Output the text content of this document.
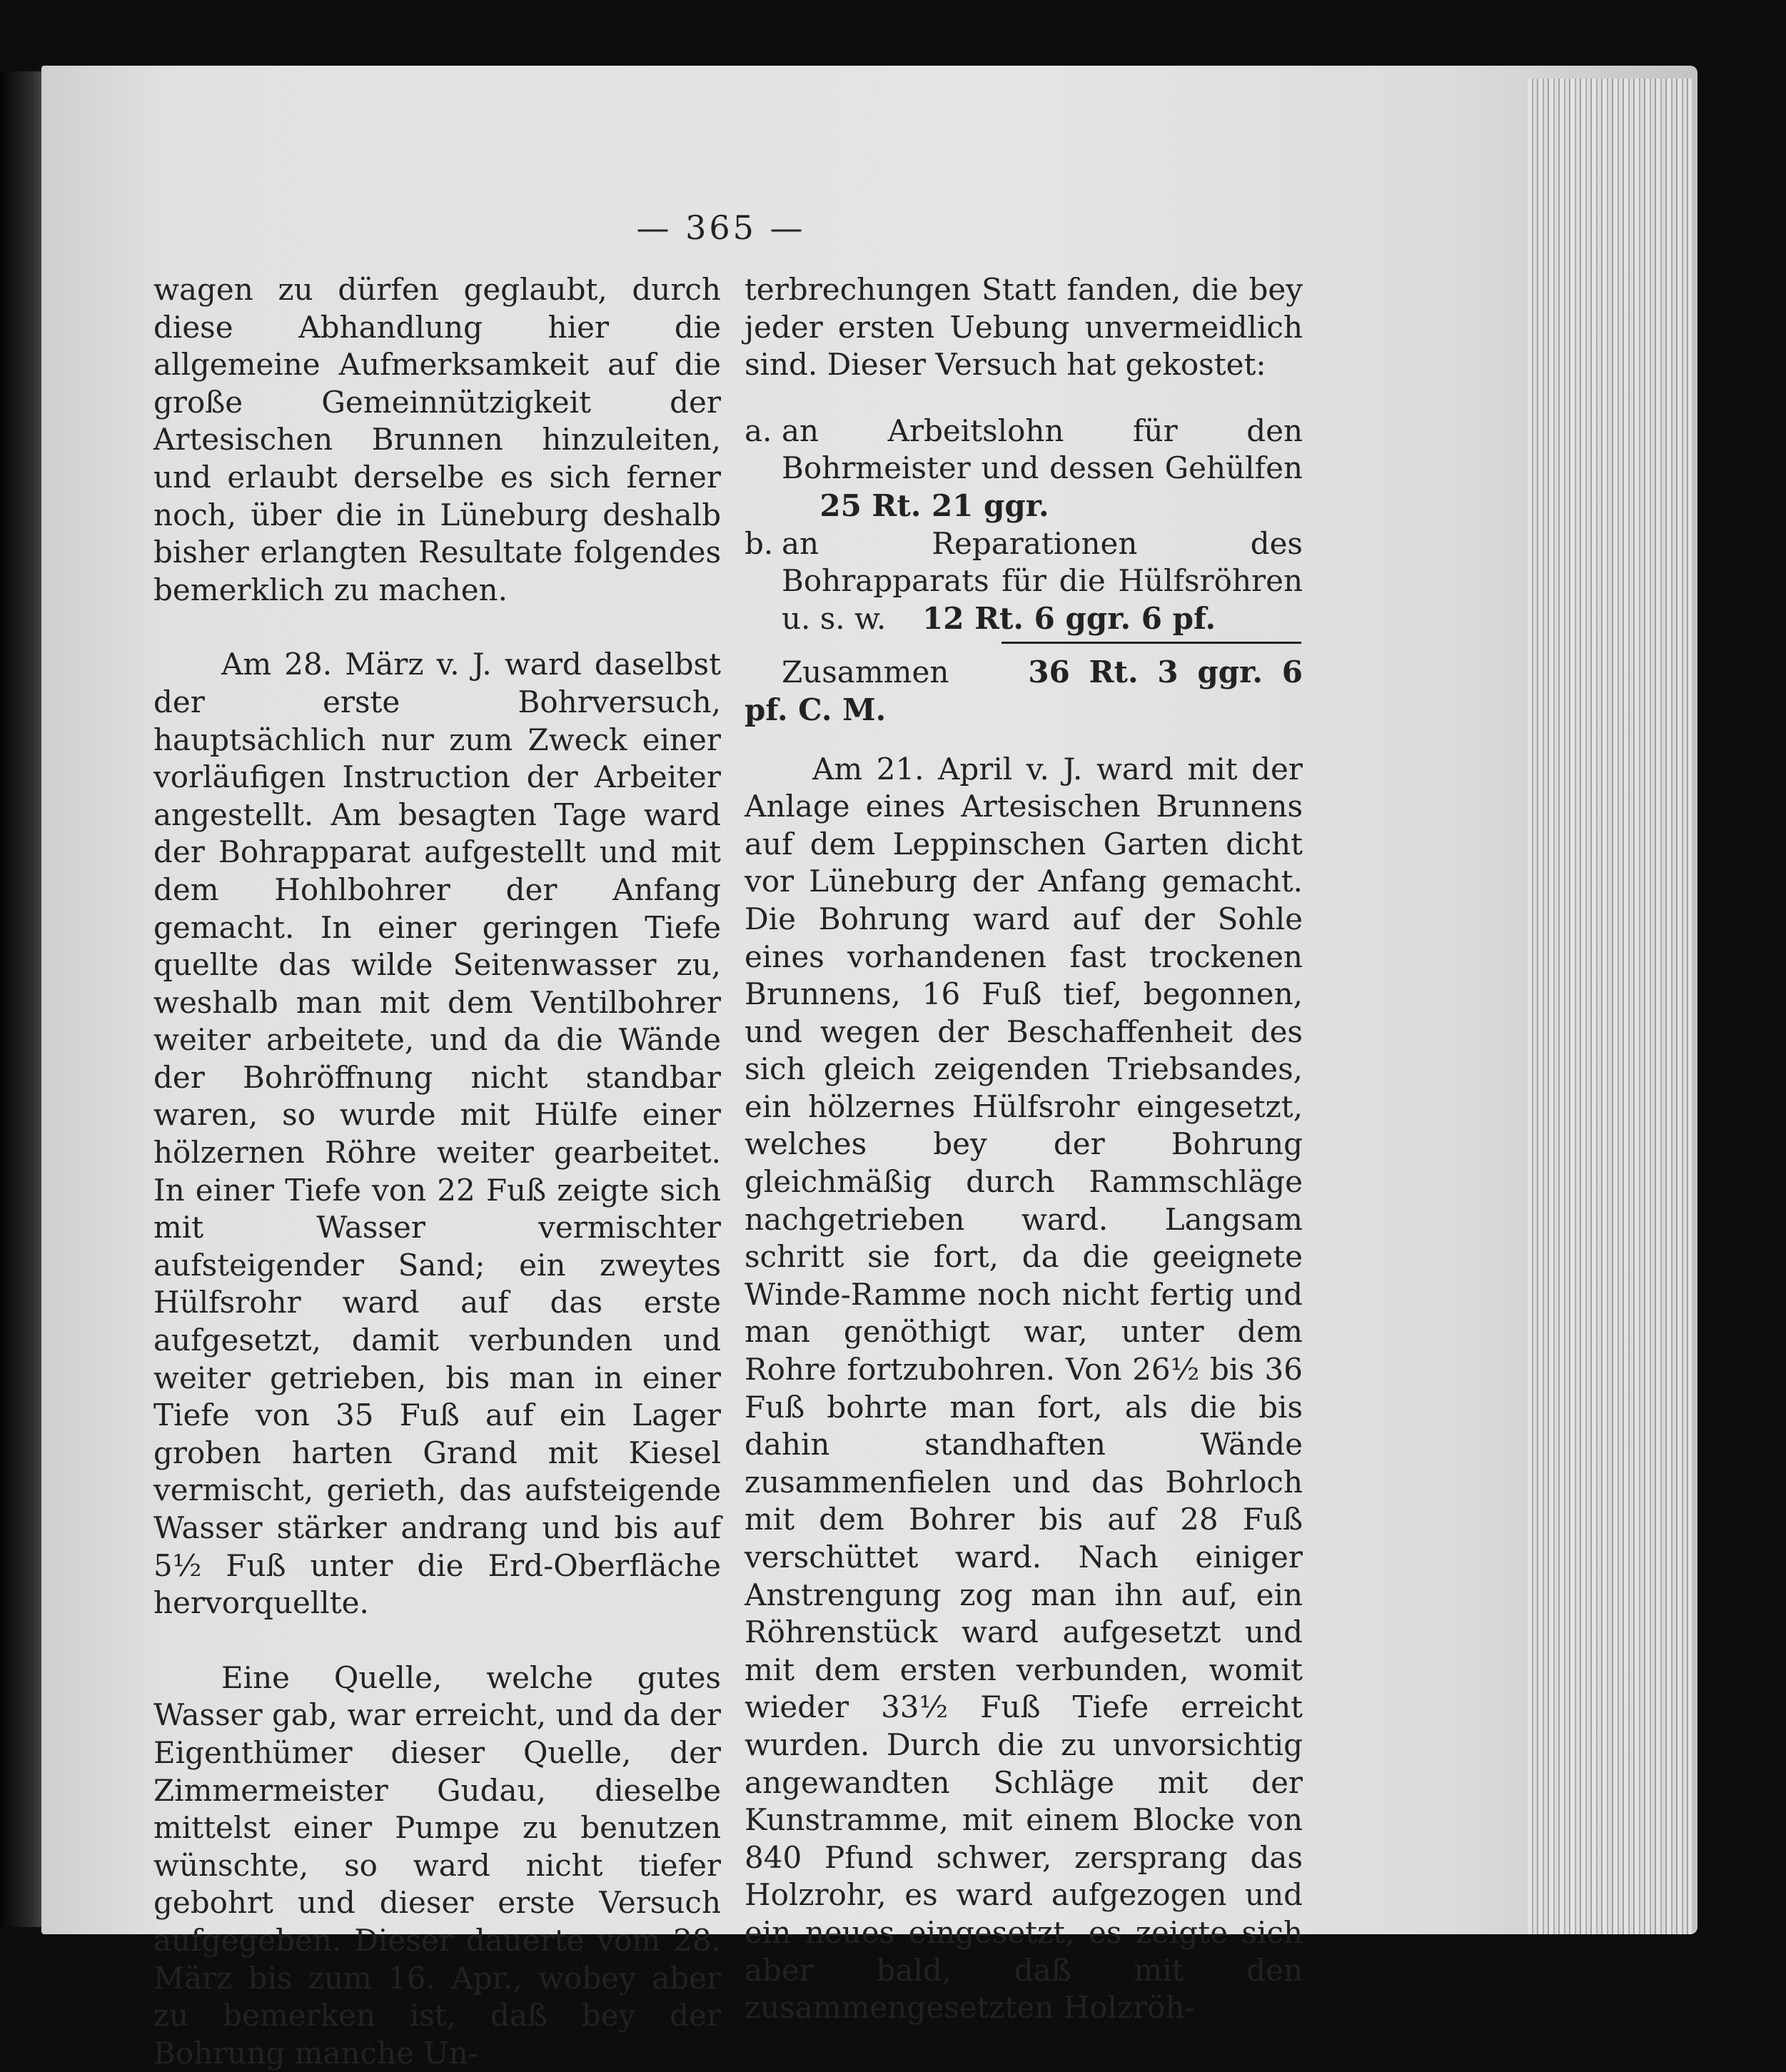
— 365 —

wagen zu dürfen geglaubt, durch diese Abhandlung hier die allgemeine Aufmerksamkeit auf die große Gemeinnützigkeit der Artesischen Brunnen hinzuleiten, und erlaubt derselbe es sich ferner noch, über die in Lüneburg deshalb bisher erlangten Resultate folgendes bemerklich zu machen.

Am 28. März v. J. ward daselbst der erste Bohrversuch, hauptsächlich nur zum Zweck einer vorläufigen Instruction der Arbeiter angestellt. Am besagten Tage ward der Bohrapparat aufgestellt und mit dem Hohlbohrer der Anfang gemacht. In einer geringen Tiefe quellte das wilde Seitenwasser zu, weshalb man mit dem Ventilbohrer weiter arbeitete, und da die Wände der Bohröffnung nicht standbar waren, so wurde mit Hülfe einer hölzernen Röhre weiter gearbeitet. In einer Tiefe von 22 Fuß zeigte sich mit Wasser vermischter aufsteigender Sand; ein zweytes Hülfsrohr ward auf das erste aufgesetzt, damit verbunden und weiter getrieben, bis man in einer Tiefe von 35 Fuß auf ein Lager groben harten Grand mit Kiesel vermischt, gerieth, das aufsteigende Wasser stärker andrang und bis auf 5½ Fuß unter die Erd-Oberfläche hervorquellte.

Eine Quelle, welche gutes Wasser gab, war erreicht, und da der Eigenthümer dieser Quelle, der Zimmermeister Gudau, dieselbe mittelst einer Pumpe zu benutzen wünschte, so ward nicht tiefer gebohrt und dieser erste Versuch aufgegeben. Dieser dauerte vom 28. März bis zum 16. Apr., wobey aber zu bemerken ist, daß bey der Bohrung manche Un-

terbrechungen Statt fanden, die bey jeder ersten Uebung unvermeidlich sind. Dieser Versuch hat gekostet:

a. an Arbeitslohn für den Bohrmeister und dessen Gehülfen  25 Rt. 21 ggr.
b. an Reparationen des Bohrapparats für die Hülfsröhren u. s. w. 12 Rt. 6 ggr. 6 pf.

Zusammen	36 Rt. 3 ggr. 6 pf. C. M.

Am 21. April v. J. ward mit der Anlage eines Artesischen Brunnens auf dem Leppinschen Garten dicht vor Lüneburg der Anfang gemacht. Die Bohrung ward auf der Sohle eines vorhandenen fast trockenen Brunnens, 16 Fuß tief, begonnen, und wegen der Beschaffenheit des sich gleich zeigenden Triebsandes, ein hölzernes Hülfsrohr eingesetzt, welches bey der Bohrung gleichmäßig durch Rammschläge nachgetrieben ward. Langsam schritt sie fort, da die geeignete Winde-Ramme noch nicht fertig und man genöthigt war, unter dem Rohre fortzubohren. Von 26½ bis 36 Fuß bohrte man fort, als die bis dahin standhaften Wände zusammenfielen und das Bohrloch mit dem Bohrer bis auf 28 Fuß verschüttet ward. Nach einiger Anstrengung zog man ihn auf, ein Röhrenstück ward aufgesetzt und mit dem ersten verbunden, womit wieder 33½ Fuß Tiefe erreicht wurden. Durch die zu unvorsichtig angewandten Schläge mit der Kunstramme, mit einem Blocke von 840 Pfund schwer, zersprang das Holzrohr, es ward aufgezogen und ein neues eingesetzt, es zeigte sich aber bald, daß mit den zusammengesetzten Holzröh-
